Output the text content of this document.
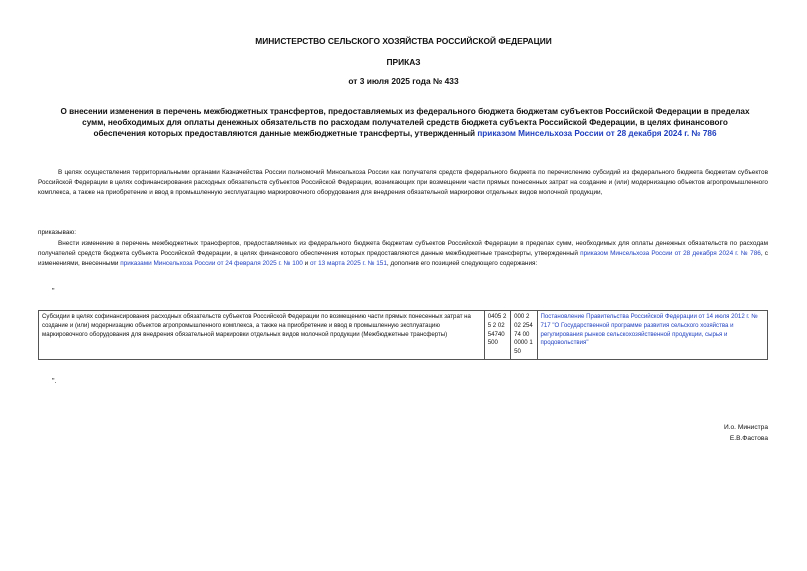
МИНИСТЕРСТВО СЕЛЬСКОГО ХОЗЯЙСТВА РОССИЙСКОЙ ФЕДЕРАЦИИ
ПРИКАЗ
от 3 июля 2025 года № 433
О внесении изменения в перечень межбюджетных трансфертов, предоставляемых из федерального бюджета бюджетам субъектов Российской Федерации в пределах сумм, необходимых для оплаты денежных обязательств по расходам получателей средств бюджета субъекта Российской Федерации, в целях финансового обеспечения которых предоставляются данные межбюджетные трансферты, утвержденный приказом Минсельхоза России от 28 декабря 2024 г. № 786
В целях осуществления территориальными органами Казначейства России полномочий Минсельхоза России как получателя средств федерального бюджета по перечислению субсидий из федерального бюджета бюджетам субъектов Российской Федерации в целях софинансирования расходных обязательств субъектов Российской Федерации, возникающих при возмещении части прямых понесенных затрат на создание и (или) модернизацию объектов агропромышленного комплекса, а также на приобретение и ввод в промышленную эксплуатацию маркировочного оборудования для внедрения обязательной маркировки отдельных видов молочной продукции,
приказываю:
Внести изменение в перечень межбюджетных трансфертов, предоставляемых из федерального бюджета бюджетам субъектов Российской Федерации в пределах сумм, необходимых для оплаты денежных обязательств по расходам получателей средств бюджета субъекта Российской Федерации, в целях финансового обеспечения которых предоставляются данные межбюджетные трансферты, утвержденный приказом Минсельхоза России от 28 декабря 2024 г. № 786, с изменениями, внесенными приказами Минсельхоза России от 24 февраля 2025 г. № 100 и от 13 марта 2025 г. № 151, дополнив его позицией следующего содержания:
"
Субсидии в целях софинансирования расходных обязательств субъектов Российской Федерации по возмещению части прямых понесенных затрат на создание и (или) модернизацию объектов агропромышленного комплекса, а также на приобретение и ввод в промышленную эксплуатацию маркировочного оборудования для внедрения обязательной маркировки отдельных видов молочной продукции (Межбюджетные трансферты)	0405 25 2 02 54740 500	000 2 02 25474 00 0000 150	Постановление Правительства Российской Федерации от 14 июля 2012 г. № 717 "О Государственной программе развития сельского хозяйства и регулирования рынков сельскохозяйственной продукции, сырья и продовольствия"
".
И.о. Министра
Е.В.Фастова
